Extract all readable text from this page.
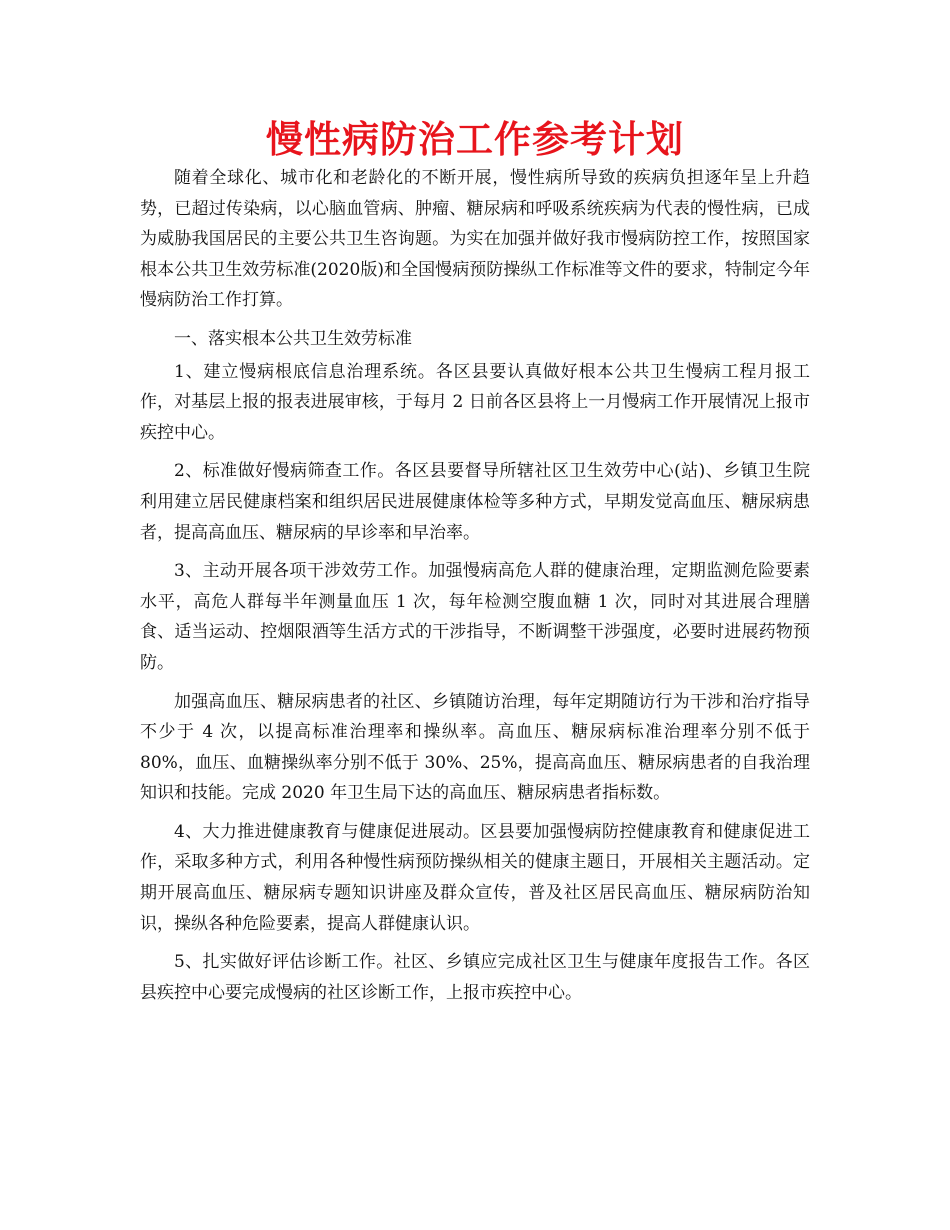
慢性病防治工作参考计划

随着全球化、城市化和老龄化的不断开展，慢性病所导致的疾病负担逐年呈上升趋势，已超过传染病，以心脑血管病、肿瘤、糖尿病和呼吸系统疾病为代表的慢性病，已成为威胁我国居民的主要公共卫生咨询题。为实在加强并做好我市慢病防控工作，按照国家根本公共卫生效劳标准(2020版)和全国慢病预防操纵工作标准等文件的要求，特制定今年慢病防治工作打算。

一、落实根本公共卫生效劳标准

1、建立慢病根底信息治理系统。各区县要认真做好根本公共卫生慢病工程月报工作，对基层上报的报表进展审核，于每月 2 日前各区县将上一月慢病工作开展情况上报市疾控中心。

2、标准做好慢病筛查工作。各区县要督导所辖社区卫生效劳中心(站)、乡镇卫生院利用建立居民健康档案和组织居民进展健康体检等多种方式，早期发觉高血压、糖尿病患者，提高高血压、糖尿病的早诊率和早治率。

3、主动开展各项干涉效劳工作。加强慢病高危人群的健康治理，定期监测危险要素水平，高危人群每半年测量血压 1 次，每年检测空腹血糖 1 次，同时对其进展合理膳食、适当运动、控烟限酒等生活方式的干涉指导，不断调整干涉强度，必要时进展药物预防。

加强高血压、糖尿病患者的社区、乡镇随访治理，每年定期随访行为干涉和治疗指导不少于 4 次，以提高标准治理率和操纵率。高血压、糖尿病标准治理率分别不低于 80%，血压、血糖操纵率分别不低于 30%、25%，提高高血压、糖尿病患者的自我治理知识和技能。完成 2020 年卫生局下达的高血压、糖尿病患者指标数。

4、大力推进健康教育与健康促进展动。区县要加强慢病防控健康教育和健康促进工作，采取多种方式，利用各种慢性病预防操纵相关的健康主题日，开展相关主题活动。定期开展高血压、糖尿病专题知识讲座及群众宣传，普及社区居民高血压、糖尿病防治知识，操纵各种危险要素，提高人群健康认识。

5、扎实做好评估诊断工作。社区、乡镇应完成社区卫生与健康年度报告工作。各区县疾控中心要完成慢病的社区诊断工作，上报市疾控中心。
